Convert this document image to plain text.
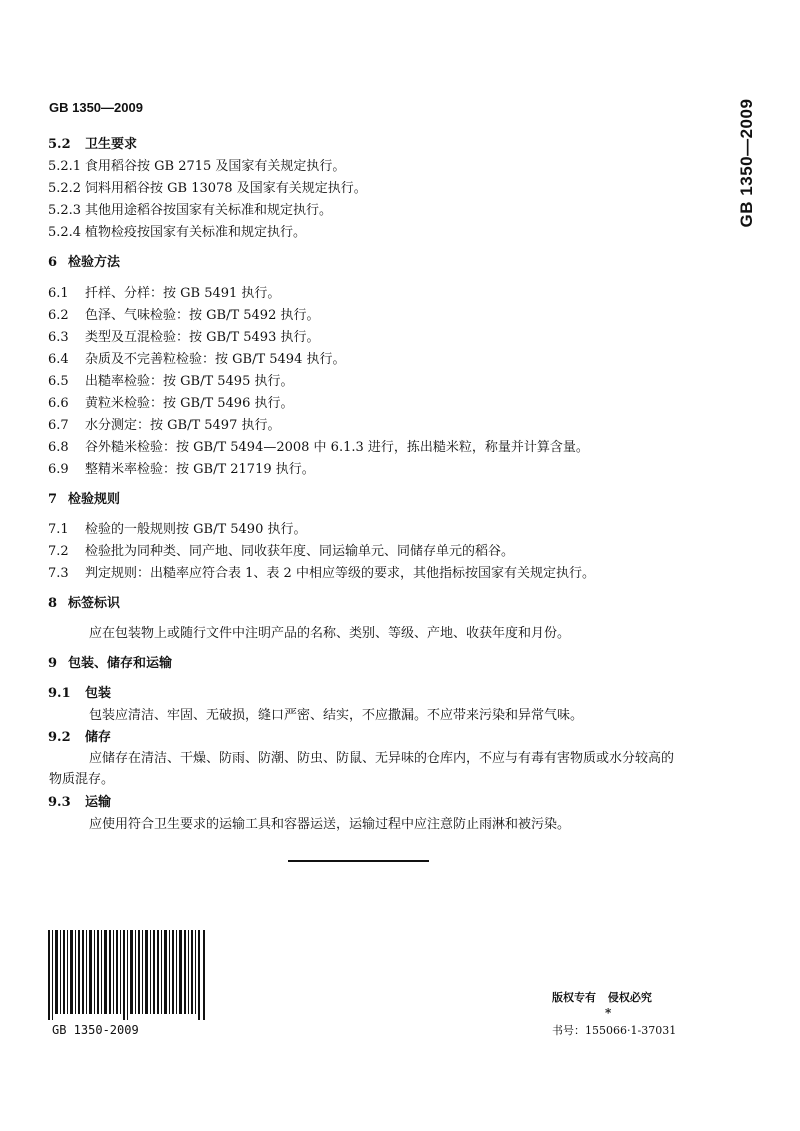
GB 1350—2009	GB 1350—2009
5.2	卫生要求
5.2.1 食用稻谷按 GB 2715 及国家有关规定执行。
5.2.2 饲料用稻谷按 GB 13078 及国家有关规定执行。
5.2.3 其他用途稻谷按国家有关标准和规定执行。
5.2.4 植物检疫按国家有关标准和规定执行。
6 检验方法
6.1	扦样、分样：按 GB 5491 执行。
6.2	色泽、气味检验：按 GB/T 5492 执行。
6.3	类型及互混检验：按 GB/T 5493 执行。
6.4	杂质及不完善粒检验：按 GB/T 5494 执行。
6.5	出糙率检验：按 GB/T 5495 执行。
6.6	黄粒米检验：按 GB/T 5496 执行。
6.7	水分测定：按 GB/T 5497 执行。
6.8	谷外糙米检验：按 GB/T 5494—2008 中 6.1.3 进行，拣出糙米粒，称量并计算含量。
6.9	整精米率检验：按 GB/T 21719 执行。
7 检验规则
7.1	检验的一般规则按 GB/T 5490 执行。
7.2	检验批为同种类、同产地、同收获年度、同运输单元、同储存单元的稻谷。
7.3	判定规则：出糙率应符合表 1、表 2 中相应等级的要求，其他指标按国家有关规定执行。
8 标签标识
应在包装物上或随行文件中注明产品的名称、类别、等级、产地、收获年度和月份。
9 包装、储存和运输
9.1	包装
包装应清洁、牢固、无破损，缝口严密、结实，不应撒漏。不应带来污染和异常气味。
9.2	储存
应储存在清洁、干燥、防雨、防潮、防虫、防鼠、无异味的仓库内，不应与有毒有害物质或水分较高的物质混存。
9.3	运输
应使用符合卫生要求的运输工具和容器运送，运输过程中应注意防止雨淋和被污染。
GB 1350-2009
版权专有 侵权必究
*
书号：155066·1-37031
